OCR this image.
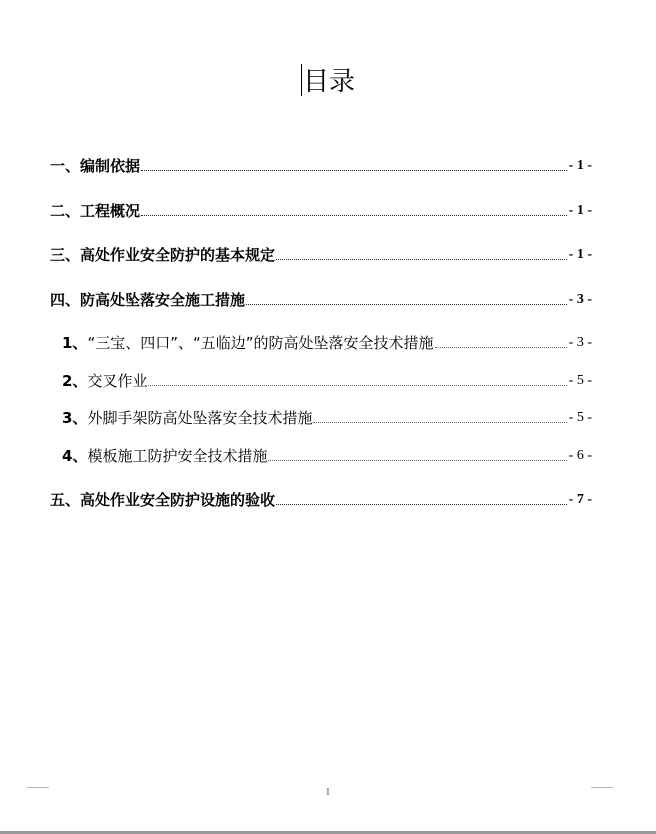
目录
一、编制依据	- 1 -
二、工程概况	- 1 -
三、高处作业安全防护的基本规定	- 1 -
四、防高处坠落安全施工措施	- 3 -
1、“三宝、四口”、“五临边”的防高处坠落安全技术措施	- 3 -
2、交叉作业	- 5 -
3、外脚手架防高处坠落安全技术措施	- 5 -
4、模板施工防护安全技术措施	- 6 -
五、高处作业安全防护设施的验收	- 7 -
I
